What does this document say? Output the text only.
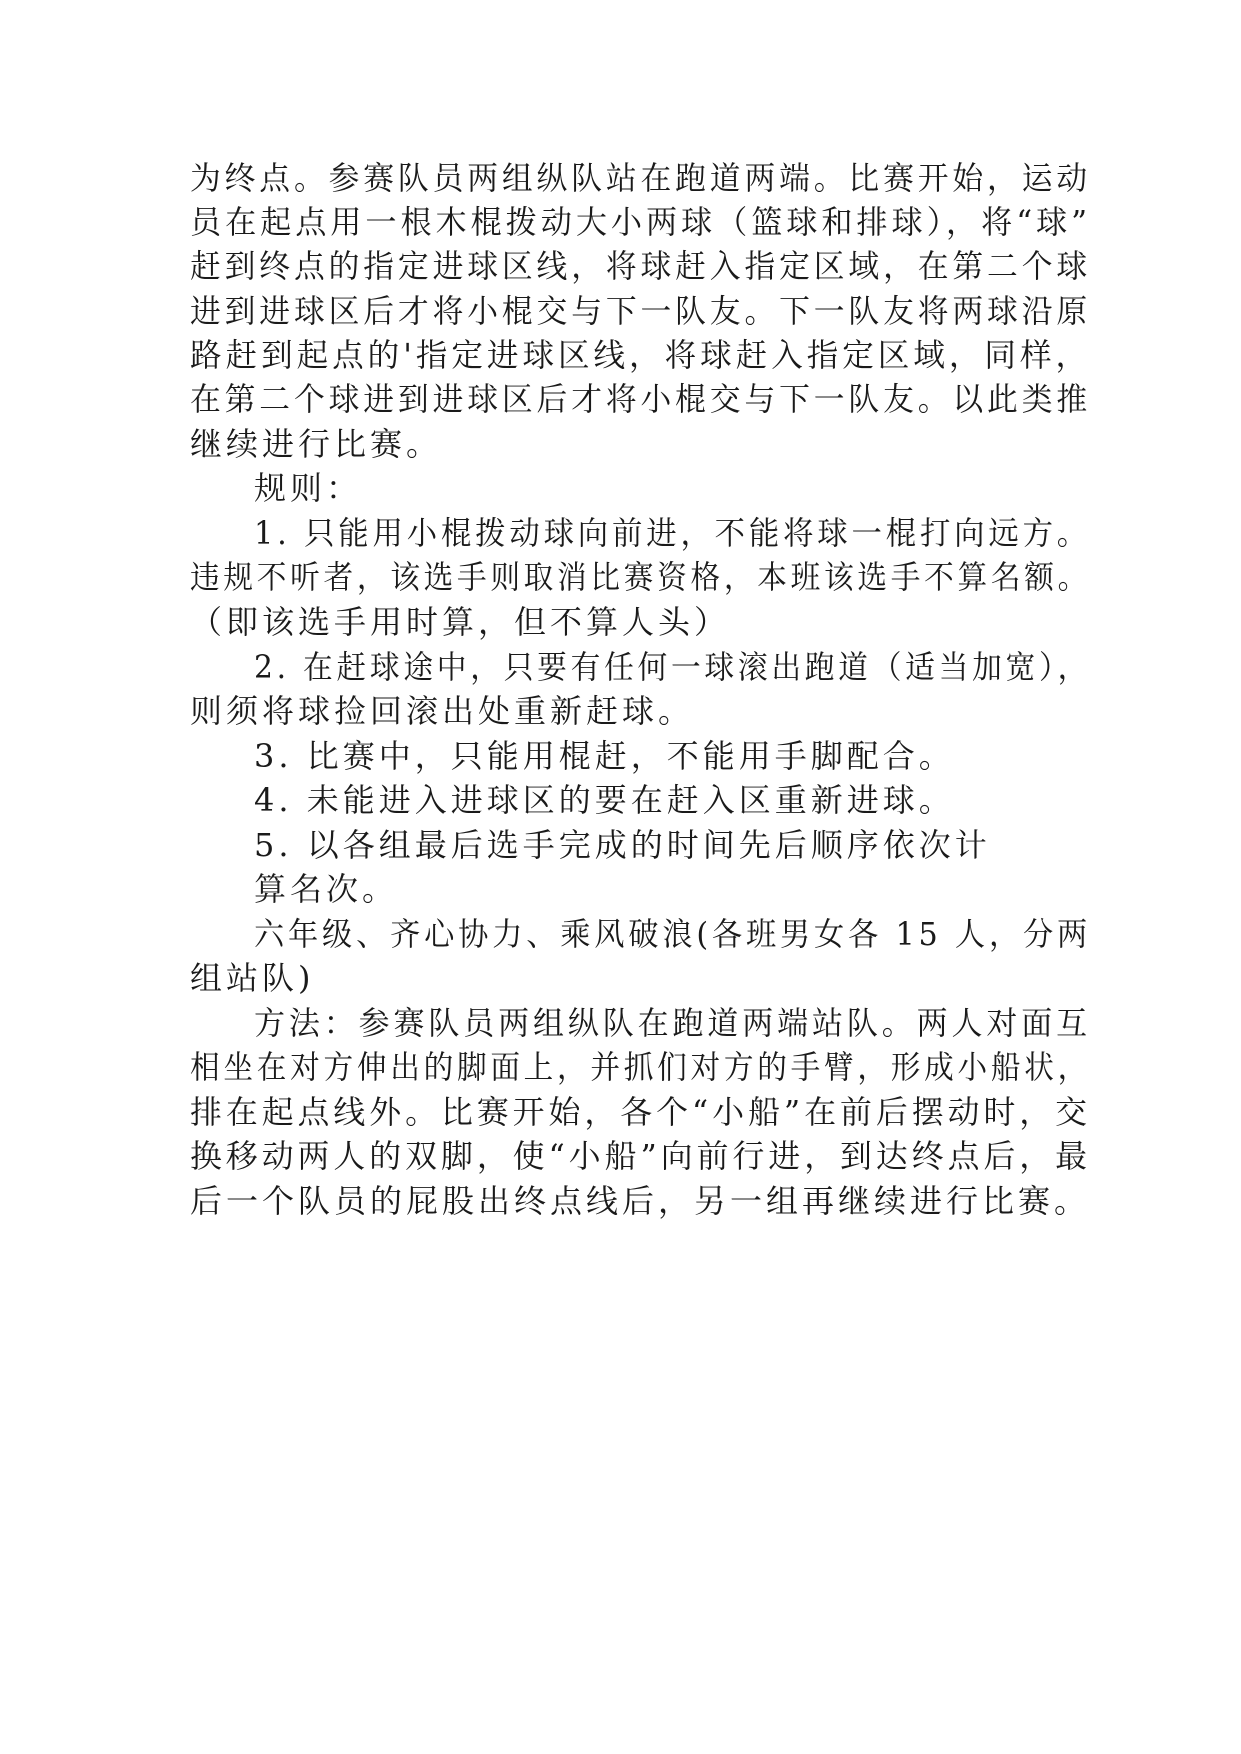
为终点。参赛队员两组纵队站在跑道两端。比赛开始，运动
员在起点用一根木棍拨动大小两球（篮球和排球），将“球”
赶到终点的指定进球区线，将球赶入指定区域，在第二个球
进到进球区后才将小棍交与下一队友。下一队友将两球沿原
路赶到起点的'指定进球区线，将球赶入指定区域，同样，
在第二个球进到进球区后才将小棍交与下一队友。以此类推
继续进行比赛。
规则：
1. 只能用小棍拨动球向前进，不能将球一棍打向远方。
违规不听者，该选手则取消比赛资格，本班该选手不算名额。
（即该选手用时算，但不算人头）
2. 在赶球途中，只要有任何一球滚出跑道（适当加宽），
则须将球捡回滚出处重新赶球。
3. 比赛中，只能用棍赶，不能用手脚配合。
4. 未能进入进球区的要在赶入区重新进球。
5. 以各组最后选手完成的时间先后顺序依次计
算名次。
六年级、齐心协力、乘风破浪(各班男女各 15 人，分两
组站队)
方法：参赛队员两组纵队在跑道两端站队。两人对面互
相坐在对方伸出的脚面上，并抓们对方的手臂，形成小船状，
排在起点线外。比赛开始，各个“小船”在前后摆动时，交
换移动两人的双脚，使“小船”向前行进，到达终点后，最
后一个队员的屁股出终点线后，另一组再继续进行比赛。
